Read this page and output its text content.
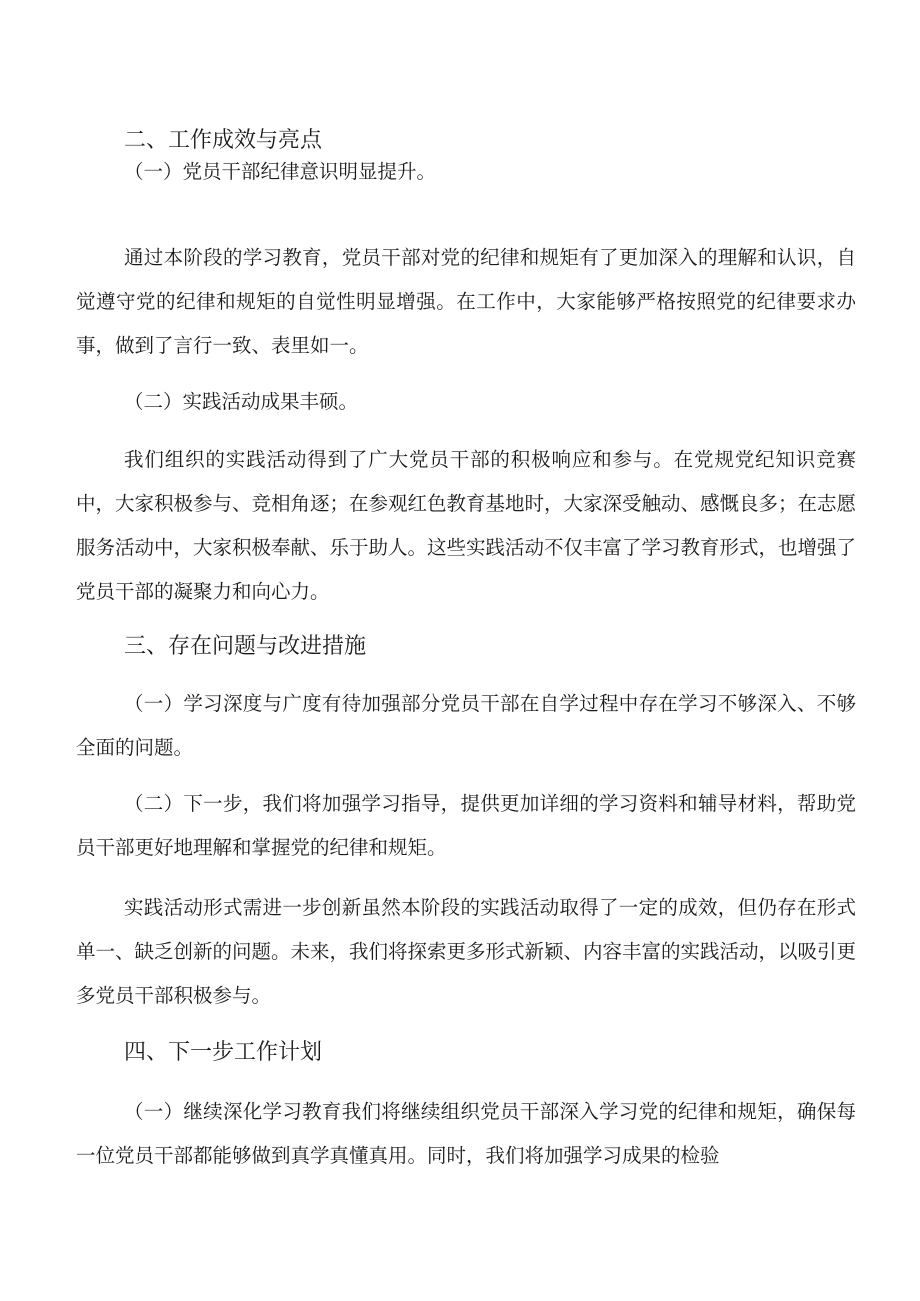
二、工作成效与亮点

（一）党员干部纪律意识明显提升。

通过本阶段的学习教育，党员干部对党的纪律和规矩有了更加深入的理解和认识，自觉遵守党的纪律和规矩的自觉性明显增强。在工作中，大家能够严格按照党的纪律要求办事，做到了言行一致、表里如一。

（二）实践活动成果丰硕。

我们组织的实践活动得到了广大党员干部的积极响应和参与。在党规党纪知识竞赛中，大家积极参与、竞相角逐；在参观红色教育基地时，大家深受触动、感慨良多；在志愿服务活动中，大家积极奉献、乐于助人。这些实践活动不仅丰富了学习教育形式，也增强了党员干部的凝聚力和向心力。

三、存在问题与改进措施

（一）学习深度与广度有待加强部分党员干部在自学过程中存在学习不够深入、不够全面的问题。

（二）下一步，我们将加强学习指导，提供更加详细的学习资料和辅导材料，帮助党员干部更好地理解和掌握党的纪律和规矩。

实践活动形式需进一步创新虽然本阶段的实践活动取得了一定的成效，但仍存在形式单一、缺乏创新的问题。未来，我们将探索更多形式新颖、内容丰富的实践活动，以吸引更多党员干部积极参与。

四、下一步工作计划

（一）继续深化学习教育我们将继续组织党员干部深入学习党的纪律和规矩，确保每一位党员干部都能够做到真学真懂真用。同时，我们将加强学习成果的检验
